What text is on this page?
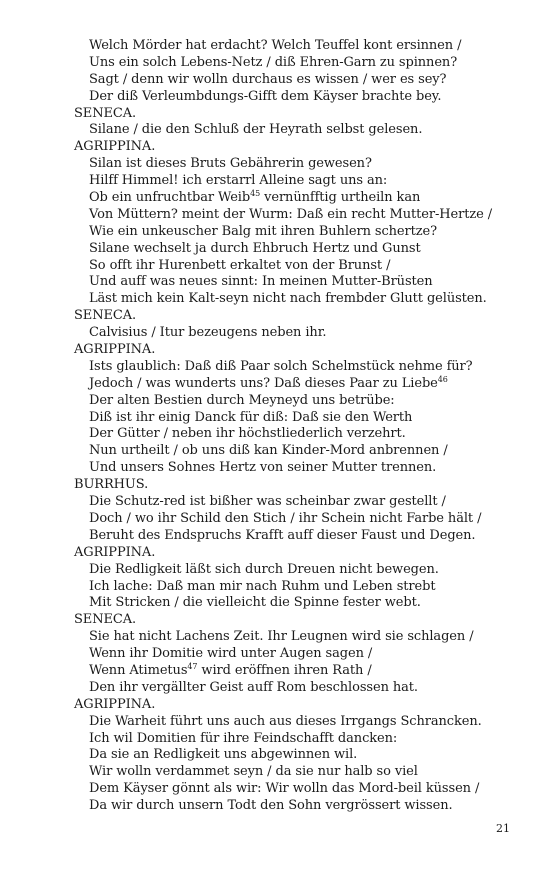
Welch Mörder hat erdacht? Welch Teuffel kont ersinnen /
Uns ein solch Lebens-Netz / diß Ehren-Garn zu spinnen?
Sagt / denn wir wolln durchaus es wissen / wer es sey?
Der diß Verleumbdungs-Gifft dem Käyser brachte bey.
SENECA.
Silane / die den Schluß der Heyrath selbst gelesen.
AGRIPPINA.
Silan ist dieses Bruts Gebährerin gewesen?
Hilff Himmel! ich erstarrl Alleine sagt uns an:
Ob ein unfruchtbar Weib$^{45}$ vernünfftig urtheiln kan
Von Müttern? meint der Wurm: Daß ein recht Mutter-Hertze /
Wie ein unkeuscher Balg mit ihren Buhlern schertze?
Silane wechselt ja durch Ehbruch Hertz und Gunst
So offt ihr Hurenbett erkaltet von der Brunst /
Und auff was neues sinnt: In meinen Mutter-Brüsten
Läst mich kein Kalt-seyn nicht nach frembder Glutt gelüsten.
SENECA.
Calvisius / Itur bezeugens neben ihr.
AGRIPPINA.
Ists glaublich: Daß diß Paar solch Schelmstück nehme für?
Jedoch / was wunderts uns? Daß dieses Paar zu Liebe$^{46}$
Der alten Bestien durch Meyneyd uns betrübe:
Diß ist ihr einig Danck für diß: Daß sie den Werth
Der Gütter / neben ihr höchstliederlich verzehrt.
Nun urtheilt / ob uns diß kan Kinder-Mord anbrennen /
Und unsers Sohnes Hertz von seiner Mutter trennen.
BURRHUS.
Die Schutz-red ist bißher was scheinbar zwar gestellt /
Doch / wo ihr Schild den Stich / ihr Schein nicht Farbe hält /
Beruht des Endspruchs Krafft auff dieser Faust und Degen.
AGRIPPINA.
Die Redligkeit läßt sich durch Dreuen nicht bewegen.
Ich lache: Daß man mir nach Ruhm und Leben strebt
Mit Stricken / die vielleicht die Spinne fester webt.
SENECA.
Sie hat nicht Lachens Zeit. Ihr Leugnen wird sie schlagen /
Wenn ihr Domitie wird unter Augen sagen /
Wenn Atimetus$^{47}$ wird eröffnen ihren Rath /
Den ihr vergällter Geist auff Rom beschlossen hat.
AGRIPPINA.
Die Warheit führt uns auch aus dieses Irrgangs Schrancken.
Ich wil Domitien für ihre Feindschafft dancken:
Da sie an Redligkeit uns abgewinnen wil.
Wir wolln verdammet seyn / da sie nur halb so viel
Dem Käyser gönnt als wir: Wir wolln das Mord-beil küssen /
Da wir durch unsern Todt den Sohn vergrössert wissen.
21
